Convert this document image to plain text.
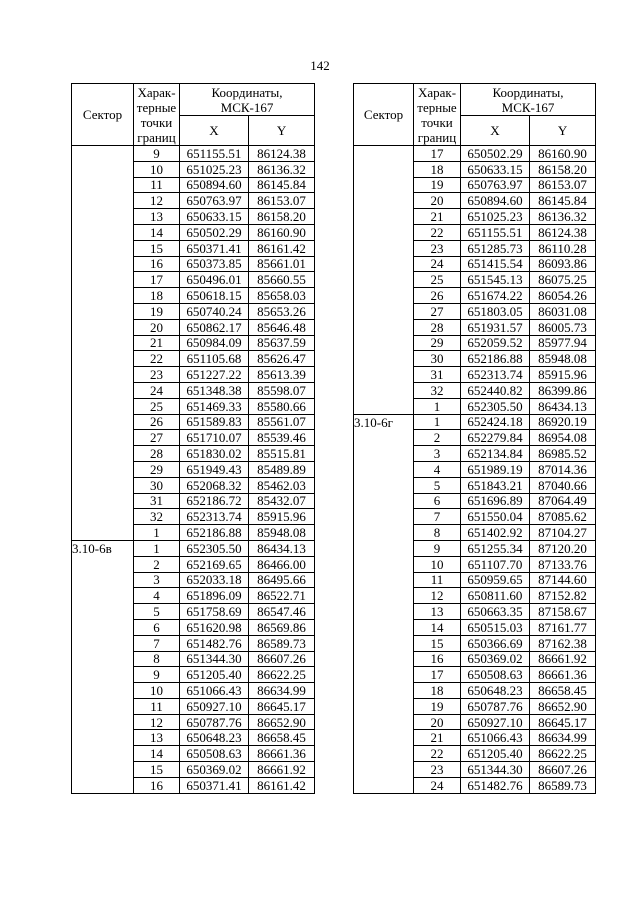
142
Сектор	Харак-
терные
точки
границ	Координаты,
МСК-167	
		X	Y
	9	651155.51	86124.38
	10	651025.23	86136.32
	11	650894.60	86145.84
	12	650763.97	86153.07
	13	650633.15	86158.20
	14	650502.29	86160.90
	15	650371.41	86161.42
	16	650373.85	85661.01
	17	650496.01	85660.55
	18	650618.15	85658.03
	19	650740.24	85653.26
	20	650862.17	85646.48
	21	650984.09	85637.59
	22	651105.68	85626.47
	23	651227.22	85613.39
	24	651348.38	85598.07
	25	651469.33	85580.66
	26	651589.83	85561.07
	27	651710.07	85539.46
	28	651830.02	85515.81
	29	651949.43	85489.89
	30	652068.32	85462.03
	31	652186.72	85432.07
	32	652313.74	85915.96
	1	652186.88	85948.08
3.10-6в	1	652305.50	86434.13
	2	652169.65	86466.00
	3	652033.18	86495.66
	4	651896.09	86522.71
	5	651758.69	86547.46
	6	651620.98	86569.86
	7	651482.76	86589.73
	8	651344.30	86607.26
	9	651205.40	86622.25
	10	651066.43	86634.99
	11	650927.10	86645.17
	12	650787.76	86652.90
	13	650648.23	86658.45
	14	650508.63	86661.36
	15	650369.02	86661.92
	16	650371.41	86161.42
Сектор	Харак-
терные
точки
границ	Координаты,
МСК-167	
		X	Y
	17	650502.29	86160.90
	18	650633.15	86158.20
	19	650763.97	86153.07
	20	650894.60	86145.84
	21	651025.23	86136.32
	22	651155.51	86124.38
	23	651285.73	86110.28
	24	651415.54	86093.86
	25	651545.13	86075.25
	26	651674.22	86054.26
	27	651803.05	86031.08
	28	651931.57	86005.73
	29	652059.52	85977.94
	30	652186.88	85948.08
	31	652313.74	85915.96
	32	652440.82	86399.86
	1	652305.50	86434.13
3.10-6г	1	652424.18	86920.19
	2	652279.84	86954.08
	3	652134.84	86985.52
	4	651989.19	87014.36
	5	651843.21	87040.66
	6	651696.89	87064.49
	7	651550.04	87085.62
	8	651402.92	87104.27
	9	651255.34	87120.20
	10	651107.70	87133.76
	11	650959.65	87144.60
	12	650811.60	87152.82
	13	650663.35	87158.67
	14	650515.03	87161.77
	15	650366.69	87162.38
	16	650369.02	86661.92
	17	650508.63	86661.36
	18	650648.23	86658.45
	19	650787.76	86652.90
	20	650927.10	86645.17
	21	651066.43	86634.99
	22	651205.40	86622.25
	23	651344.30	86607.26
	24	651482.76	86589.73
